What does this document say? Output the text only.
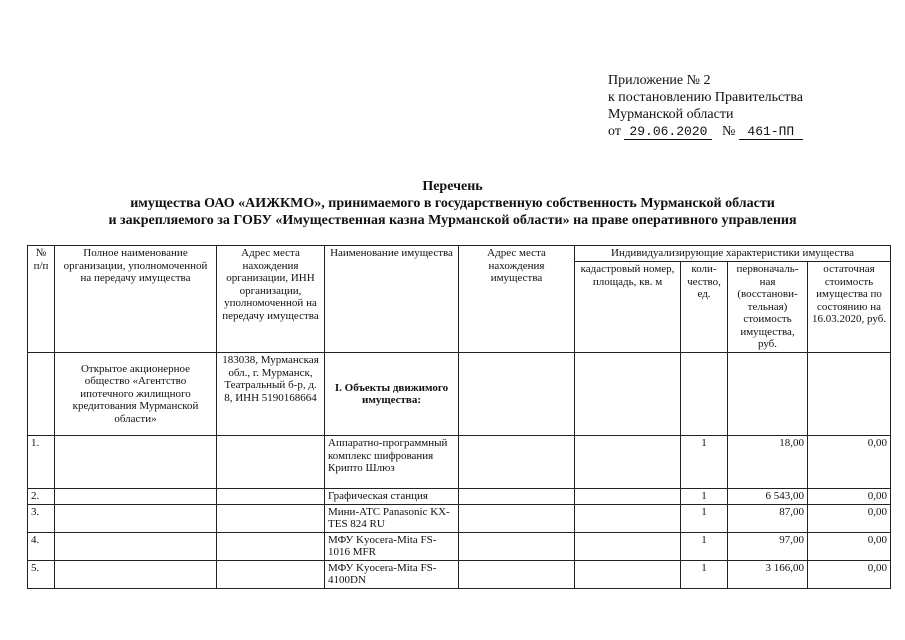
Приложение № 2
к постановлению Правительства
Мурманской области
от 29.06.2020 № 461-ПП
Перечень
имущества ОАО «АИЖКМО», принимаемого в государственную собственность Мурманской области
и закрепляемого за ГОБУ «Имущественная казна Мурманской области» на праве оперативного управления
№ п/п	Полное наименование организации, уполномоченной на передачу имущества	Адрес места нахождения организации, ИНН организации, уполномоченной на передачу имущества	Наименование имущества	Адрес места нахождения имущества	Индивидуализирующие характеристики имущества			
					кадастровый номер, площадь, кв. м	коли-чество, ед.	первоначаль-ная (восстанови-тельная) стоимость имущества, руб.	остаточная стоимость имущества по состоянию на 16.03.2020, руб.
	Открытое акционерное общество «Агентство ипотечного жилищного кредитования Мурманской области»	183038, Мурманская обл., г. Мурманск, Театральный б-р, д. 8, ИНН 5190168664	I. Объекты движимого имущества:					
1.			Аппаратно-программный комплекс шифрования Крипто Шлюз			1	18,00	0,00
2.			Графическая станция			1	6 543,00	0,00
3.			Мини-АТС Panasonic KX-TES 824 RU			1	87,00	0,00
4.			МФУ Kyocera-Mita FS-1016 MFR			1	97,00	0,00
5.			МФУ Kyocera-Mita FS-4100DN			1	3 166,00	0,00
